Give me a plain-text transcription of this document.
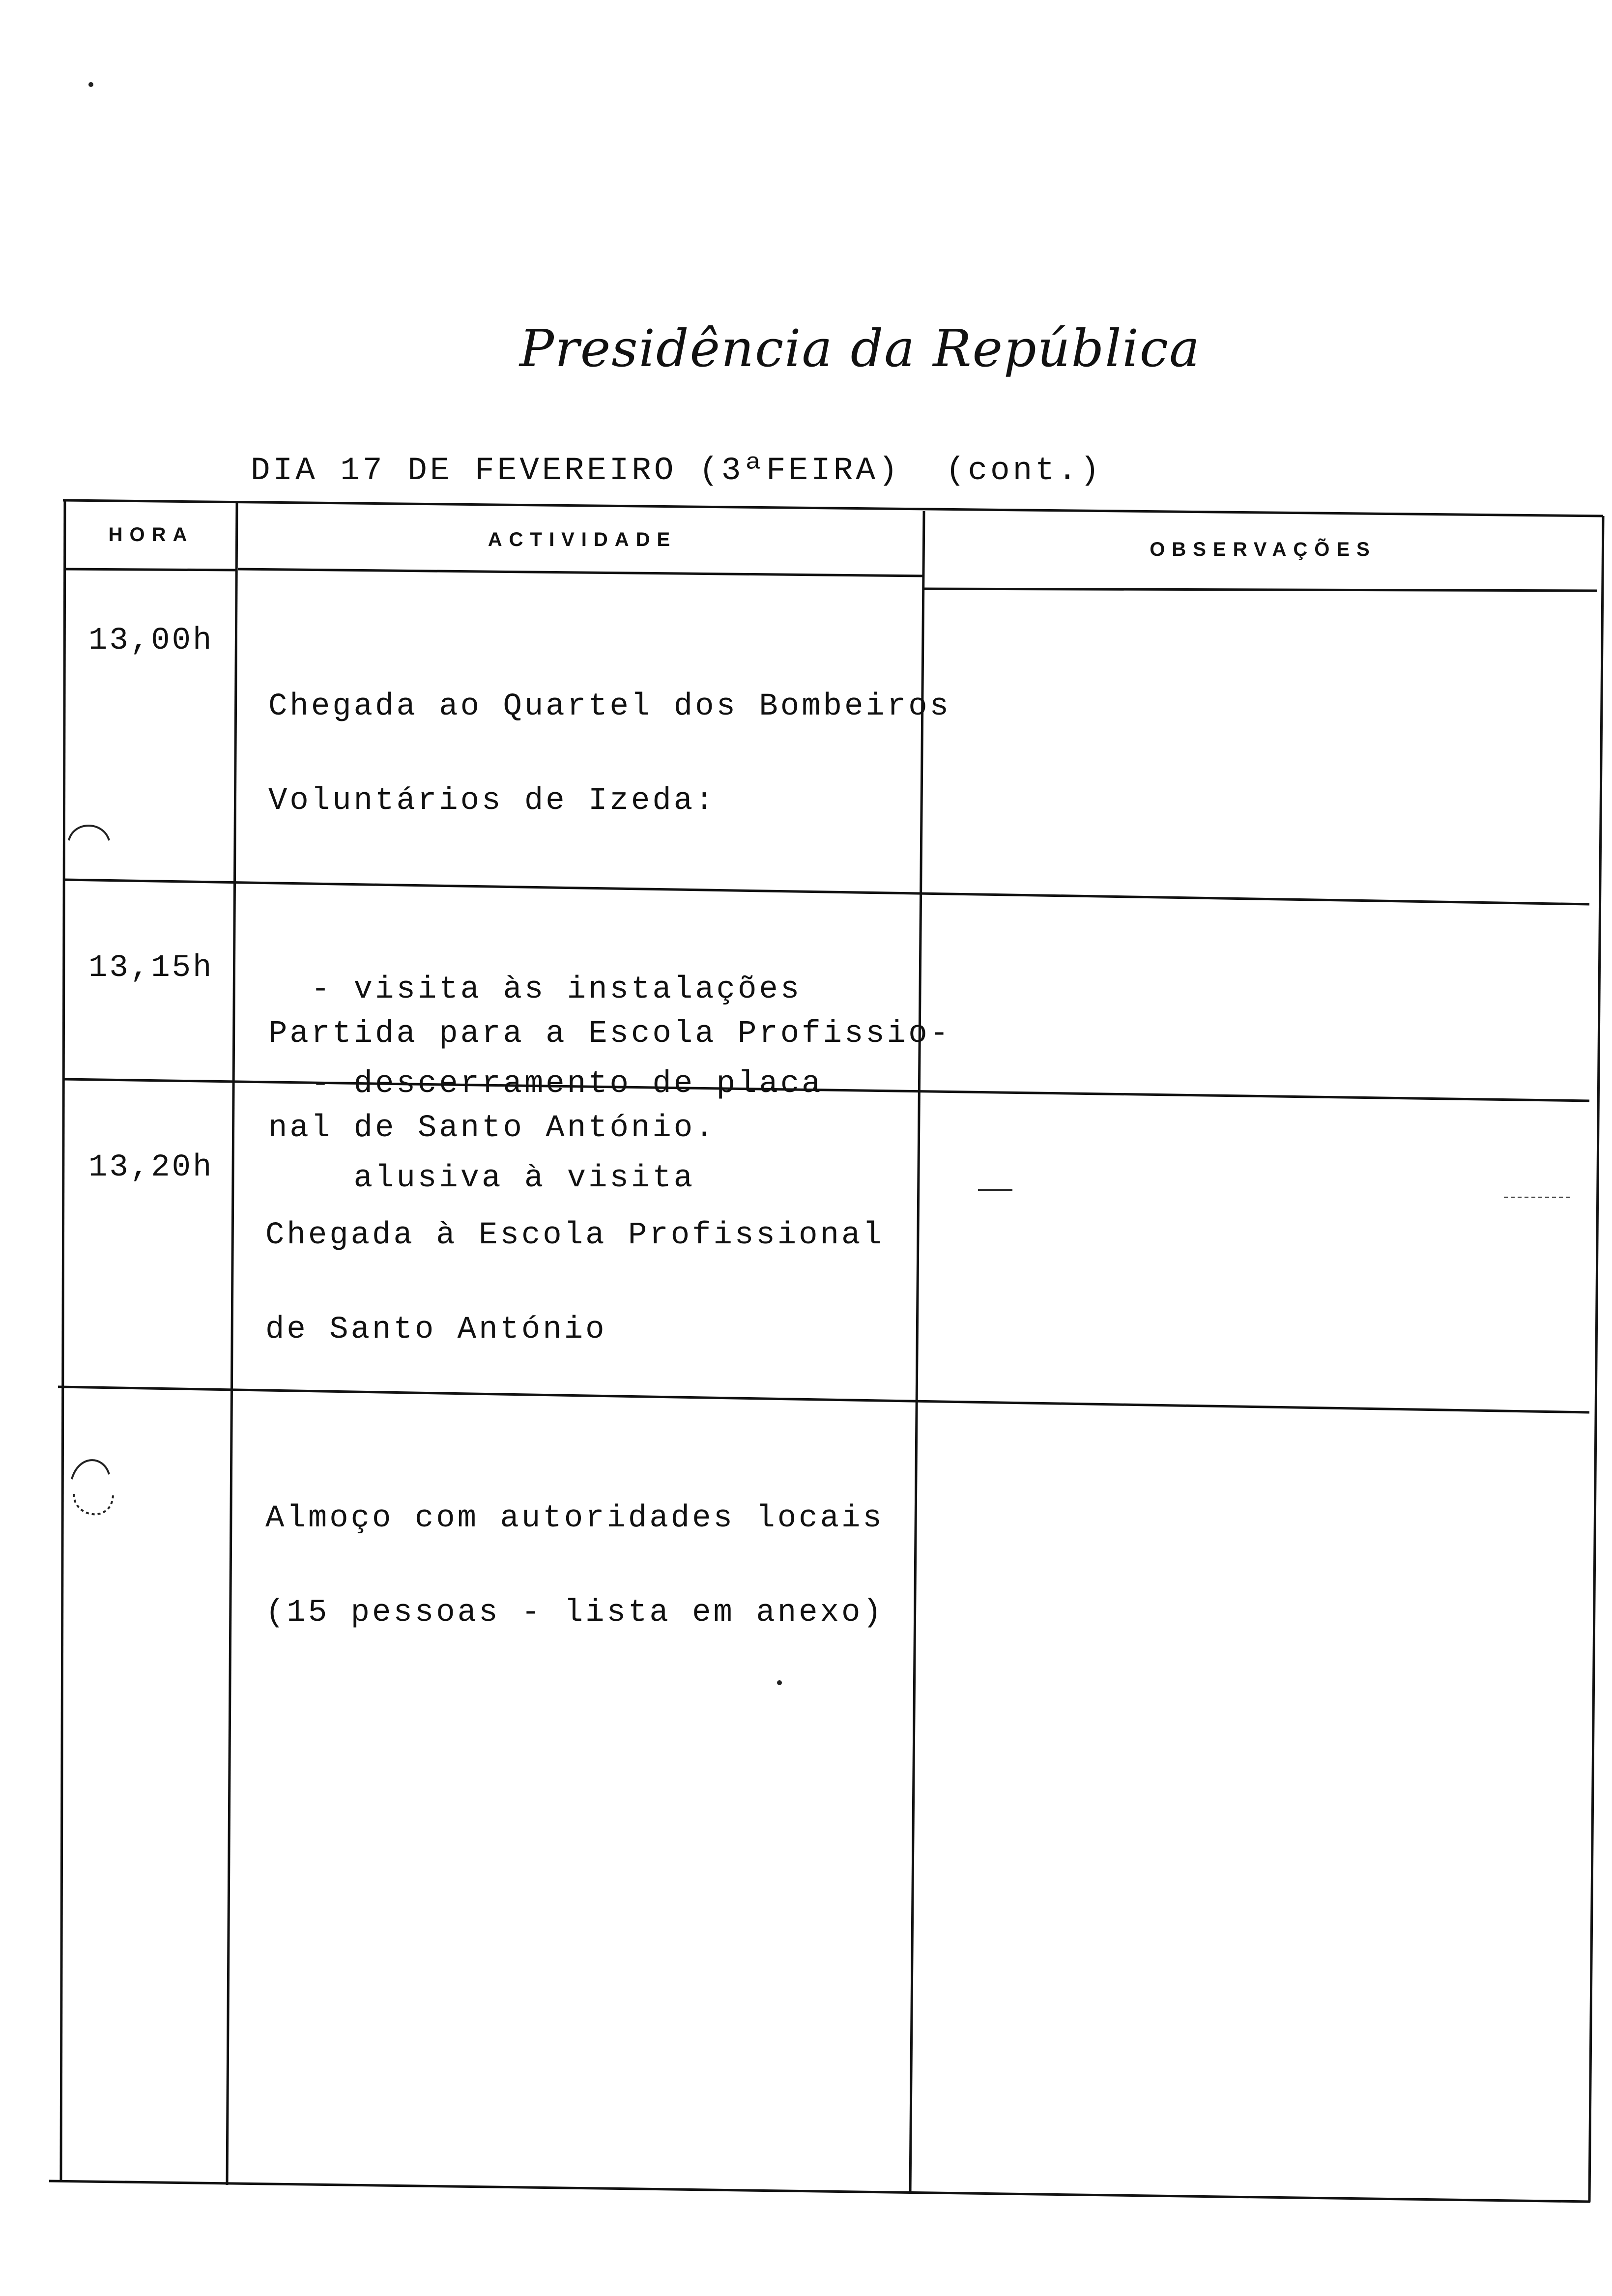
Presidência da República
DIA 17 DE FEVEREIRO (3ªFEIRA) (cont.)
HORA	ACTIVIDADE	OBSERVAÇÕES
13,00h

Chegada ao Quartel dos Bombeiros

Voluntários de Izeda:

- visita às instalações

- descerramento de placa

alusiva à visita

13,15h

Partida para a Escola Profissio-

nal de Santo António.

13,20h

Chegada à Escola Profissional

de Santo António

Almoço com autoridades locais

(15 pessoas - lista em anexo)
